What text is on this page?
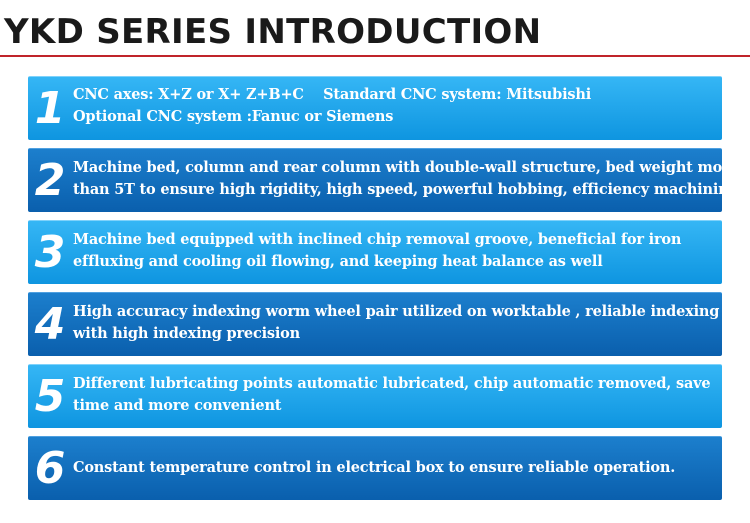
YKD SERIES INTRODUCTION
1 CNC axes: X+Z or X+ Z+B+C    Standard CNC system: Mitsubishi
Optional CNC system :Fanuc or Siemens
2 Machine bed, column and rear column with double-wall structure, bed weight more
than 5T to ensure high rigidity, high speed, powerful hobbing, efficiency machining
3 Machine bed equipped with inclined chip removal groove, beneficial for iron
effluxing and cooling oil flowing, and keeping heat balance as well
4 High accuracy indexing worm wheel pair utilized on worktable , reliable indexing
with high indexing precision
5 Different lubricating points automatic lubricated, chip automatic removed, save
time and more convenient
6 Constant temperature control in electrical box to ensure reliable operation.
